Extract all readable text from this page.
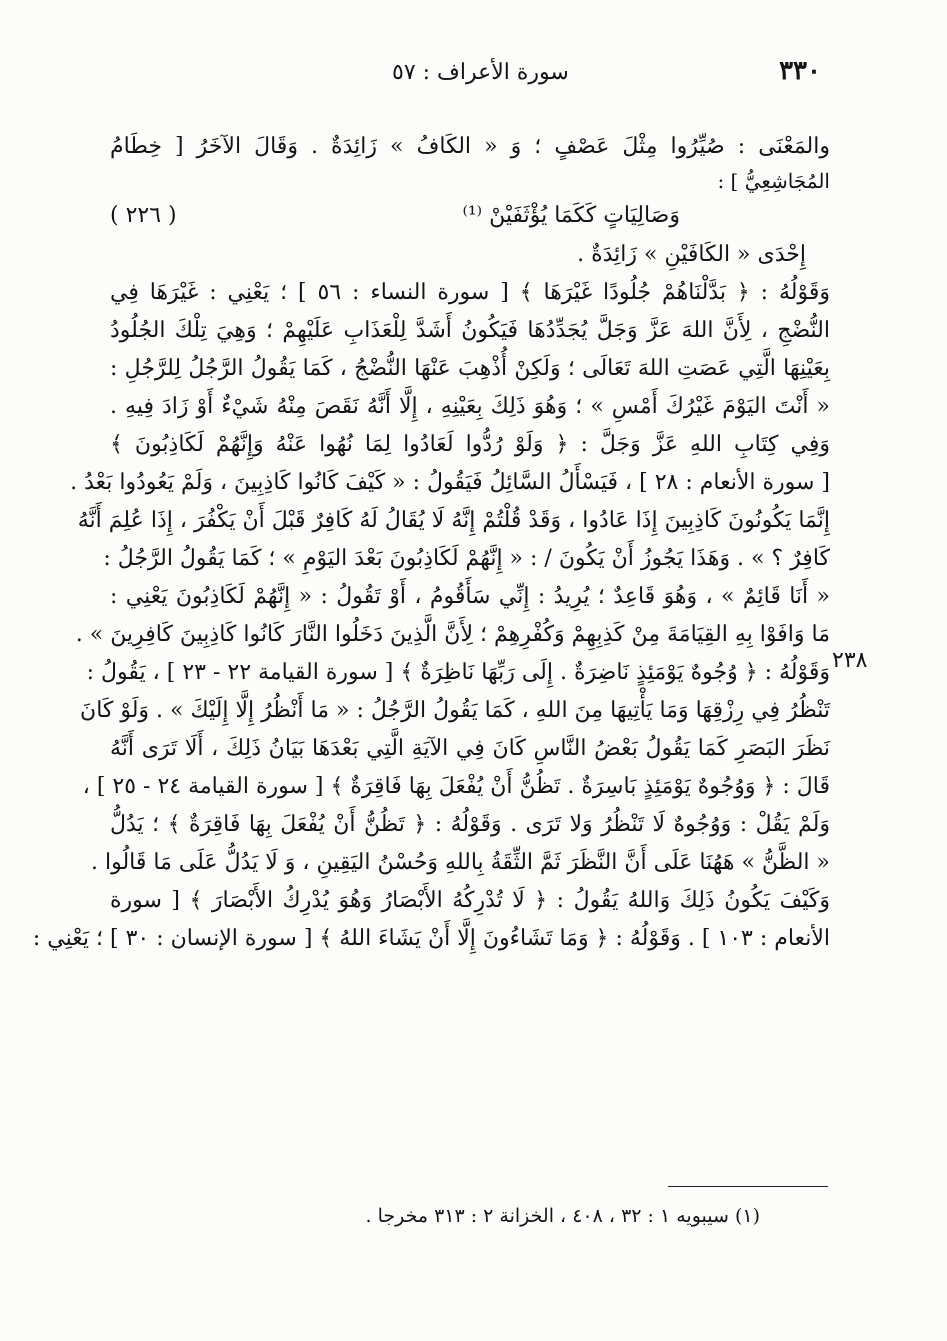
٣٣٠
سورة الأعراف : ٥٧
٢٣٨
والمَعْنَى : صُيِّرُوا مِثْلَ عَصْفٍ ؛ وَ « الكَافُ » زَائِدَةٌ . وَقَالَ الآخَرُ [ خِطَامُ
المُجَاشِعِيُّ ] :
وَصَالِيَاتٍ كَكَمَا يُؤْثَفَيْنْ ⁽¹⁾
( ٢٢٦ )
إِحْدَى « الكَافَيْنِ » زَائِدَةٌ .
وَقَوْلُهُ : ﴿ بَدَّلْنَاهُمْ جُلُودًا غَيْرَهَا ﴾ [ سورة النساء : ٥٦ ] ؛ يَعْنِي : غَيْرَهَا فِي
النُّضْجِ ، لِأَنَّ اللهَ عَزَّ وَجَلَّ يُجَدِّدُهَا فَيَكُونُ أَشَدَّ لِلْعَذَابِ عَلَيْهِمْ ؛ وَهِيَ تِلْكَ الجُلُودُ
بِعَيْنِهَا الَّتِي عَصَتِ اللهَ تَعَالَى ؛ وَلَكِنْ أُذْهِبَ عَنْهَا النُّضْجُ ، كَمَا يَقُولُ الرَّجُلُ لِلرَّجُلِ :
« أَنْتَ اليَوْمَ غَيْرُكَ أَمْسِ » ؛ وَهُوَ ذَلِكَ بِعَيْنِهِ ، إِلَّا أَنَّهُ نَقَصَ مِنْهُ شَيْءٌ أَوْ زَادَ فِيهِ .
وَفِي كِتَابِ اللهِ عَزَّ وَجَلَّ : ﴿ وَلَوْ رُدُّوا لَعَادُوا لِمَا نُهُوا عَنْهُ وَإِنَّهُمْ لَكَاذِبُونَ ﴾
[ سورة الأنعام : ٢٨ ] ، فَيَسْأَلُ السَّائِلُ فَيَقُولُ : « كَيْفَ كَانُوا كَاذِبِينَ ، وَلَمْ يَعُودُوا بَعْدُ .
إِنَّمَا يَكُونُونَ كَاذِبِينَ إِذَا عَادُوا ، وَقَدْ قُلْتُمْ إِنَّهُ لَا يُقَالُ لَهُ كَافِرٌ قَبْلَ أَنْ يَكْفُرَ ، إِذَا عُلِمَ أَنَّهُ
كَافِرٌ ؟ » . وَهَذَا يَجُوزُ أَنْ يَكُونَ / : « إِنَّهُمْ لَكَاذِبُونَ بَعْدَ اليَوْمِ » ؛ كَمَا يَقُولُ الرَّجُلُ :
« أَنَا قَائِمٌ » ، وَهُوَ قَاعِدٌ ؛ يُرِيدُ : إِنِّي سَأَقُومُ ، أَوْ تَقُولُ : « إِنَّهُمْ لَكَاذِبُونَ يَعْنِي :
مَا وَافَوْا بِهِ القِيَامَةَ مِنْ كَذِبِهِمْ وَكُفْرِهِمْ ؛ لِأَنَّ الَّذِينَ دَخَلُوا النَّارَ كَانُوا كَاذِبِينَ كَافِرِينَ » .
وَقَوْلُهُ : ﴿ وُجُوهٌ يَوْمَئِذٍ نَاضِرَةٌ . إِلَى رَبِّهَا نَاظِرَةٌ ﴾ [ سورة القيامة ٢٢ - ٢٣ ] ، يَقُولُ :
تَنْظُرُ فِي رِزْقِهَا وَمَا يَأْتِيهَا مِنَ اللهِ ، كَمَا يَقُولُ الرَّجُلُ : « مَا أَنْظُرُ إِلَّا إِلَيْكَ » . وَلَوْ كَانَ
نَظَرَ البَصَرِ كَمَا يَقُولُ بَعْضُ النَّاسِ كَانَ فِي الآيَةِ الَّتِي بَعْدَهَا بَيَانُ ذَلِكَ ، أَلَا تَرَى أَنَّهُ
قَالَ : ﴿ وَوُجُوهٌ يَوْمَئِذٍ بَاسِرَةٌ . تَظُنُّ أَنْ يُفْعَلَ بِهَا فَاقِرَةٌ ﴾ [ سورة القيامة ٢٤ - ٢٥ ] ،
وَلَمْ يَقُلْ : وَوُجُوهٌ لَا تَنْظُرُ وَلا تَرَى . وَقَوْلُهُ : ﴿ تَظُنُّ أَنْ يُفْعَلَ بِهَا فَاقِرَةٌ ﴾ ؛ يَدُلُّ
« الظَّنُّ » هَهُنَا عَلَى أَنَّ النَّظَرَ ثَمَّ الثِّقَةُ بِاللهِ وَحُسْنُ اليَقِينِ ، وَ لَا يَدُلُّ عَلَى مَا قَالُوا .
وَكَيْفَ يَكُونُ ذَلِكَ وَاللهُ يَقُولُ : ﴿ لَا تُدْرِكُهُ الأَبْصَارُ وَهُوَ يُدْرِكُ الأَبْصَارَ ﴾ [ سورة
الأنعام : ١٠٣ ] . وَقَوْلُهُ : ﴿ وَمَا تَشَاءُونَ إِلَّا أَنْ يَشَاءَ اللهُ ﴾ [ سورة الإنسان : ٣٠ ] ؛ يَعْنِي :
(١) سيبويه ١ : ٣٢ ، ٤٠٨ ، الخزانة ٢ : ٣١٣ مخرجا .
